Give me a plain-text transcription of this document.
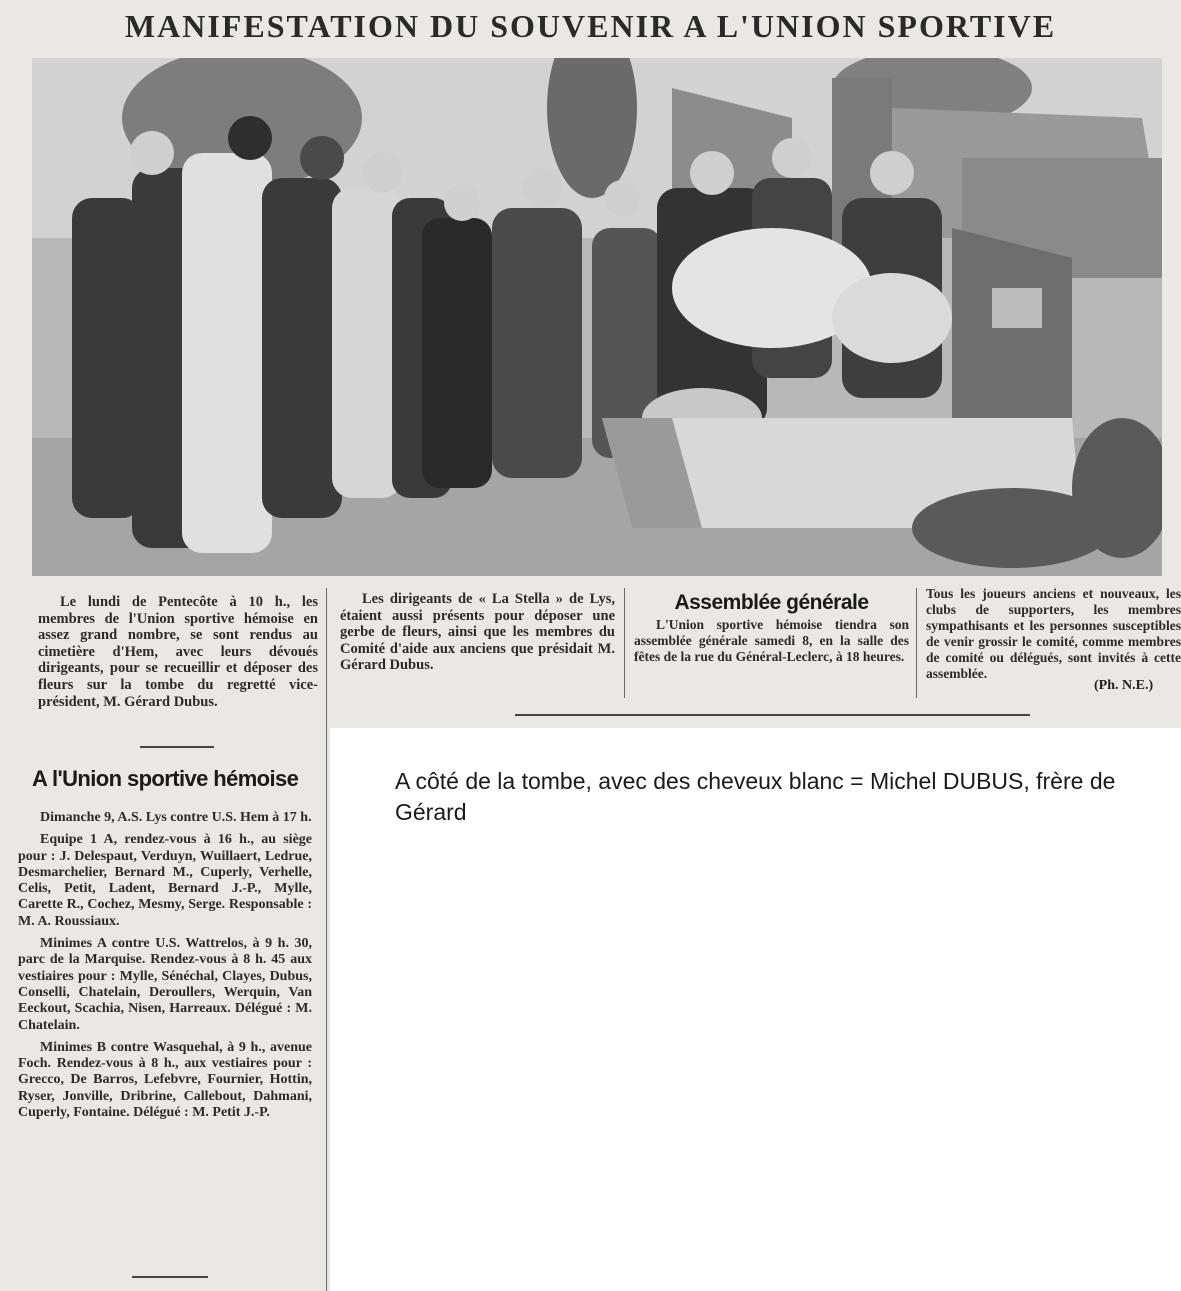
MANIFESTATION DU SOUVENIR A L'UNION SPORTIVE

Le lundi de Pentecôte à 10 h., les membres de l'Union sportive hémoise en assez grand nombre, se sont rendus au cimetière d'Hem, avec leurs dévoués dirigeants, pour se recueillir et déposer des fleurs sur la tombe du regretté vice-président, M. Gérard Dubus.

Les dirigeants de « La Stella » de Lys, étaient aussi présents pour déposer une gerbe de fleurs, ainsi que les membres du Comité d'aide aux anciens que présidait M. Gérard Dubus.

Assemblée générale

L'Union sportive hémoise tiendra son assemblée générale samedi 8, en la salle des fêtes de la rue du Général-Leclerc, à 18 heures.

Tous les joueurs anciens et nouveaux, les clubs de supporters, les membres sympathisants et les personnes susceptibles de venir grossir le comité, comme membres de comité ou délégués, sont invités à cette assemblée.

(Ph. N.E.)
A l'Union sportive hémoise

Dimanche 9, A.S. Lys contre U.S. Hem à 17 h.

Equipe 1 A, rendez-vous à 16 h., au siège pour : J. Delespaut, Verduyn, Wuillaert, Ledrue, Desmarchelier, Bernard M., Cuperly, Verhelle, Celis, Petit, Ladent, Bernard J.-P., Mylle, Carette R., Cochez, Mesmy, Serge. Responsable : M. A. Roussiaux.

Minimes A contre U.S. Wattrelos, à 9 h. 30, parc de la Marquise. Rendez-vous à 8 h. 45 aux vestiaires pour : Mylle, Sénéchal, Clayes, Dubus, Conselli, Chatelain, Deroullers, Werquin, Van Eeckout, Scachia, Nisen, Harreaux. Délégué : M. Chatelain.

Minimes B contre Wasquehal, à 9 h., avenue Foch. Rendez-vous à 8 h., aux vestiaires pour : Grecco, De Barros, Lefebvre, Fournier, Hottin, Ryser, Jonville, Dribrine, Callebout, Dahmani, Cuperly, Fontaine. Délégué : M. Petit J.-P.

A côté de la tombe, avec des cheveux blanc = Michel DUBUS, frère de Gérard
